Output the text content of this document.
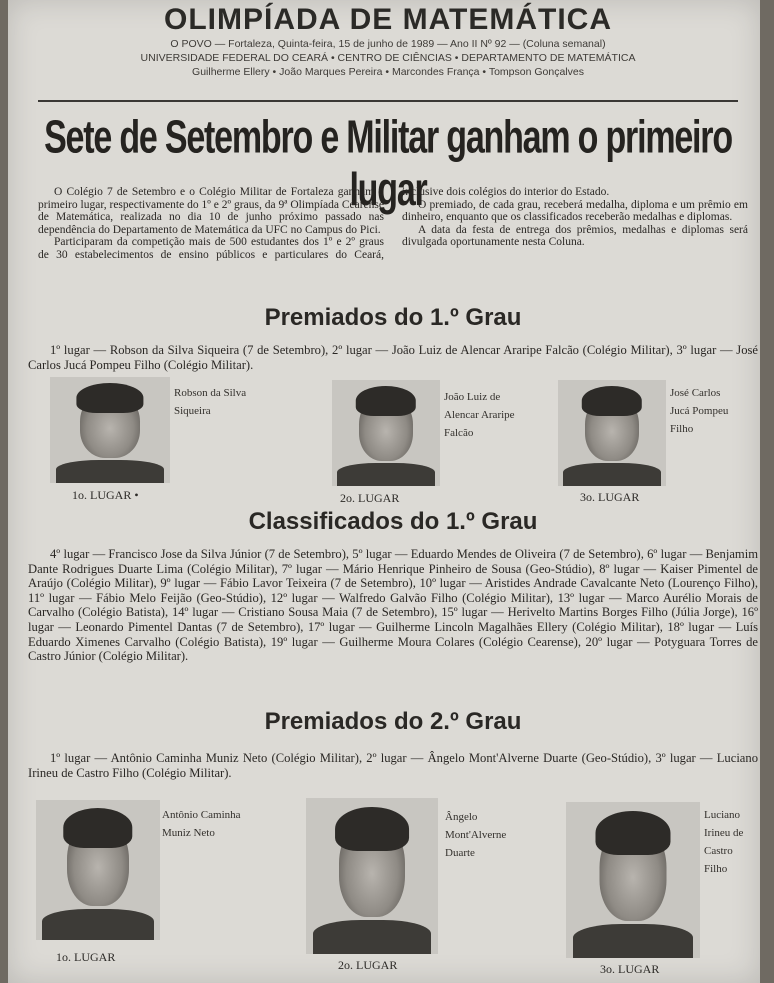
OLIMPÍADA DE MATEMÁTICA
O POVO — Fortaleza, Quinta-feira, 15 de junho de 1989 — Ano II Nº 92 — (Coluna semanal)
UNIVERSIDADE FEDERAL DO CEARÁ • CENTRO DE CIÊNCIAS • DEPARTAMENTO DE MATEMÁTICA
Guilherme Ellery • João Marques Pereira • Marcondes França • Tompson Gonçalves
Sete de Setembro e Militar ganham o primeiro lugar

O Colégio 7 de Setembro e o Colégio Militar de Fortaleza ganham o primeiro lugar, respectivamente do 1º e 2º graus, da 9ª Olimpíada Cearense de Matemática, realizada no dia 10 de junho próximo passado nas dependência do Departamento de Matemática da UFC no Campus do Pici.

Participaram da competição mais de 500 estudantes dos 1º e 2º graus de 30 estabelecimentos de ensino públicos e particulares do Ceará, inclusive dois colégios do interior do Estado.

O premiado, de cada grau, receberá medalha, diploma e um prêmio em dinheiro, enquanto que os classificados receberão medalhas e diplomas.

A data da festa de entrega dos prêmios, medalhas e diplomas será divulgada oportunamente nesta Coluna.

Premiados do 1.º Grau
1º lugar — Robson da Silva Siqueira (7 de Setembro), 2º lugar — João Luiz de Alencar Araripe Falcão (Colégio Militar), 3º lugar — José Carlos Jucá Pompeu Filho (Colégio Militar).
Robson da Silva
Siqueira
1o. LUGAR •
João Luiz de
Alencar Araripe
Falcão
2o. LUGAR
José Carlos
Jucá Pompeu
Filho
3o. LUGAR
Classificados do 1.º Grau
4º lugar — Francisco Jose da Silva Júnior (7 de Setembro), 5º lugar — Eduardo Mendes de Oliveira (7 de Setembro), 6º lugar — Benjamim Dante Rodrigues Duarte Lima (Colégio Militar), 7º lugar — Mário Henrique Pinheiro de Sousa (Geo-Stúdio), 8º lugar — Kaiser Pimentel de Araújo (Colégio Militar), 9º lugar — Fábio Lavor Teixeira (7 de Setembro), 10º lugar — Aristides Andrade Cavalcante Neto (Lourenço Filho), 11º lugar — Fábio Melo Feijão (Geo-Stúdio), 12º lugar — Walfredo Galvão Filho (Colégio Militar), 13º lugar — Marco Aurélio Morais de Carvalho (Colégio Batista), 14º lugar — Cristiano Sousa Maia (7 de Setembro), 15º lugar — Herivelto Martins Borges Filho (Júlia Jorge), 16º lugar — Leonardo Pimentel Dantas (7 de Setembro), 17º lugar — Guilherme Lincoln Magalhães Ellery (Colégio Militar), 18º lugar — Luís Eduardo Ximenes Carvalho (Colégio Batista), 19º lugar — Guilherme Moura Colares (Colégio Cearense), 20º lugar — Potyguara Torres de Castro Júnior (Colégio Militar).
Premiados do 2.º Grau
1º lugar — Antônio Caminha Muniz Neto (Colégio Militar), 2º lugar — Ângelo Mont'Alverne Duarte (Geo-Stúdio), 3º lugar — Luciano Irineu de Castro Filho (Colégio Militar).
Antônio Caminha
Muniz Neto
1o. LUGAR
Ângelo
Mont'Alverne
Duarte
2o. LUGAR
Luciano
Irineu de
Castro
Filho
3o. LUGAR
